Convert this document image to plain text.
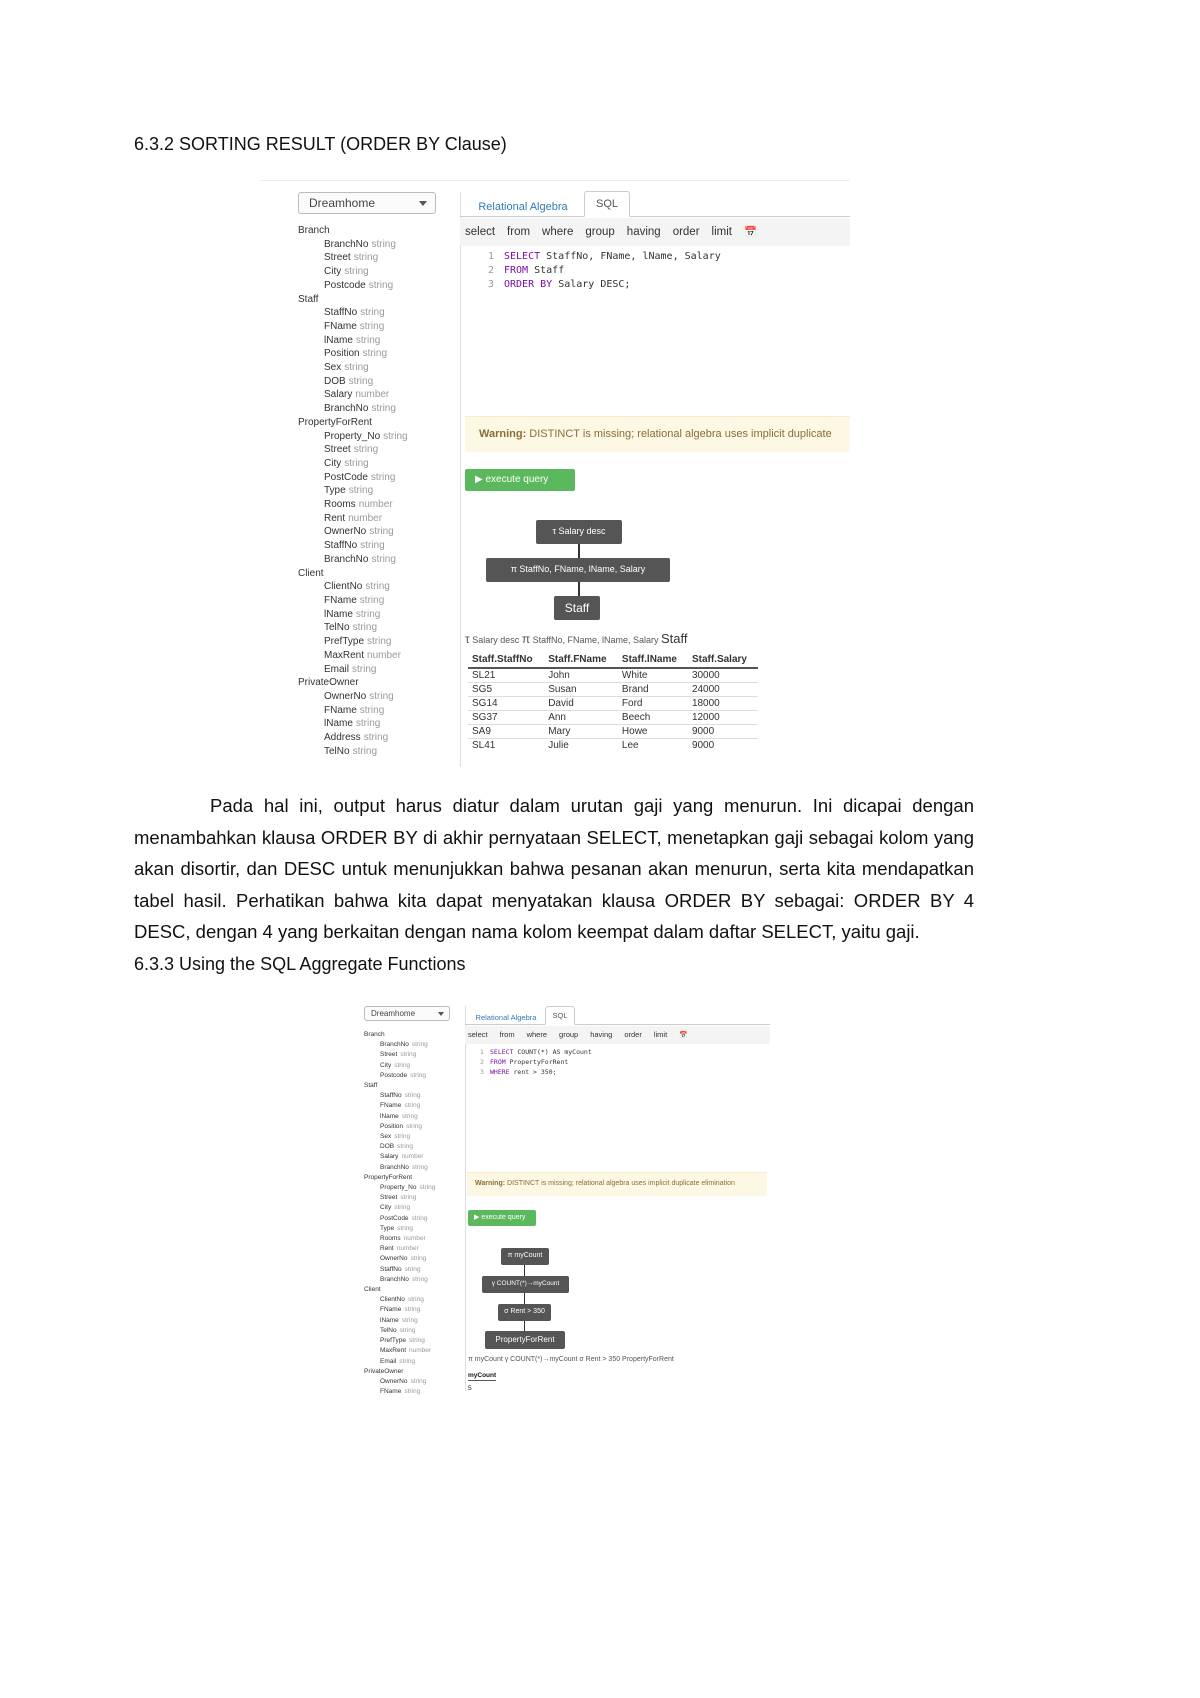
6.3.2 SORTING RESULT (ORDER BY Clause)
Dreamhome
Branch
BranchNo string
Street string
City string
Postcode string
Staff
StaffNo string
FName string
lName string
Position string
Sex string
DOB string
Salary number
BranchNo string
PropertyForRent
Property_No string
Street string
City string
PostCode string
Type string
Rooms number
Rent number
OwnerNo string
StaffNo string
BranchNo string
Client
ClientNo string
FName string
lName string
TelNo string
PrefType string
MaxRent number
Email string
PrivateOwner
OwnerNo string
FName string
lName string
Address string
TelNo string
Relational Algebra	SQL
select from where group having order limit 📅
1 SELECT StaffNo, FName, lName, Salary
2 FROM Staff
3 ORDER BY Salary DESC;
Warning: DISTINCT is missing; relational algebra uses implicit duplicate
▶ execute query
τ Salary desc
π StaffNo, FName, lName, Salary
Staff
τ Salary desc π StaffNo, FName, lName, Salary Staff
Staff.StaffNo	Staff.FName	Staff.lName	Staff.Salary
SL21	John	White	30000
SG5	Susan	Brand	24000
SG14	David	Ford	18000
SG37	Ann	Beech	12000
SA9	Mary	Howe	9000
SL41	Julie	Lee	9000

Pada hal ini, output harus diatur dalam urutan gaji yang menurun. Ini dicapai dengan menambahkan klausa ORDER BY di akhir pernyataan SELECT, menetapkan gaji sebagai kolom yang akan disortir, dan DESC untuk menunjukkan bahwa pesanan akan menurun, serta kita mendapatkan tabel hasil. Perhatikan bahwa kita dapat menyatakan klausa ORDER BY sebagai: ORDER BY 4 DESC, dengan 4 yang berkaitan dengan nama kolom keempat dalam daftar SELECT, yaitu gaji.

6.3.3 Using the SQL Aggregate Functions
Dreamhome
Branch
BranchNo string
Street string
City string
Postcode string
Staff
StaffNo string
FName string
lName string
Position string
Sex string
DOB string
Salary number
BranchNo string
PropertyForRent
Property_No string
Street string
City string
PostCode string
Type string
Rooms number
Rent number
OwnerNo string
StaffNo string
BranchNo string
Client
ClientNo string
FName string
lName string
TelNo string
PrefType string
MaxRent number
Email string
PrivateOwner
OwnerNo string
FName string
Relational Algebra	SQL
select from where group having order limit 📅
1 SELECT COUNT(*) AS myCount
2 FROM PropertyForRent
3 WHERE rent > 350;
Warning: DISTINCT is missing; relational algebra uses implicit duplicate elimination
▶ execute query
π myCount
γ COUNT(*)→myCount
σ Rent > 350
PropertyForRent
π myCount γ COUNT(*)→myCount σ Rent > 350 PropertyForRent
myCount
5
